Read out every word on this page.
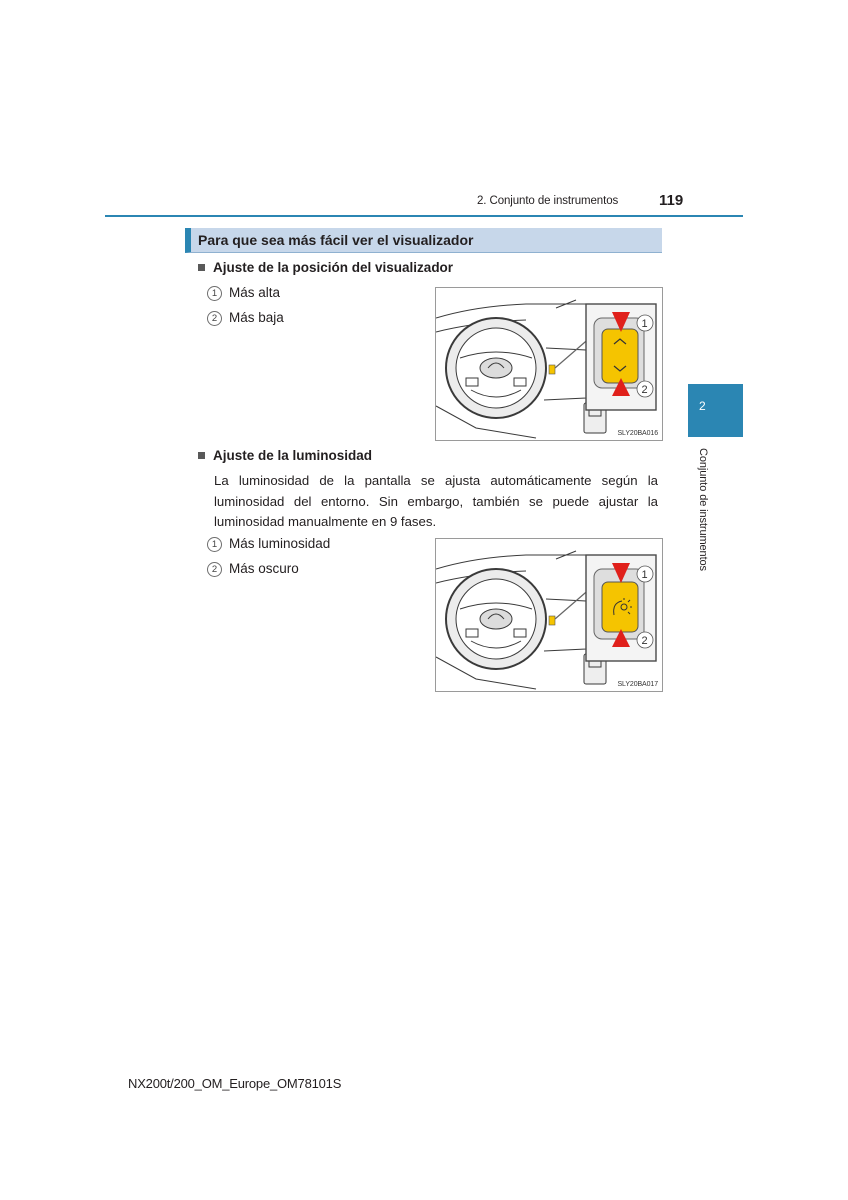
2. Conjunto de instrumentos	119
2
Conjunto de instrumentos
Para que sea más fácil ver el visualizador
Ajuste de la posición del visualizador
1 Más alta
2 Más baja	1
2
SLY20BA016
Ajuste de la luminosidad
La luminosidad de la pantalla se ajusta automáticamente según la luminosidad del entorno. Sin embargo, también se puede ajustar la luminosidad manualmente en 9 fases.
1 Más luminosidad
2 Más oscuro	1
2
SLY20BA017
NX200t/200_OM_Europe_OM78101S
